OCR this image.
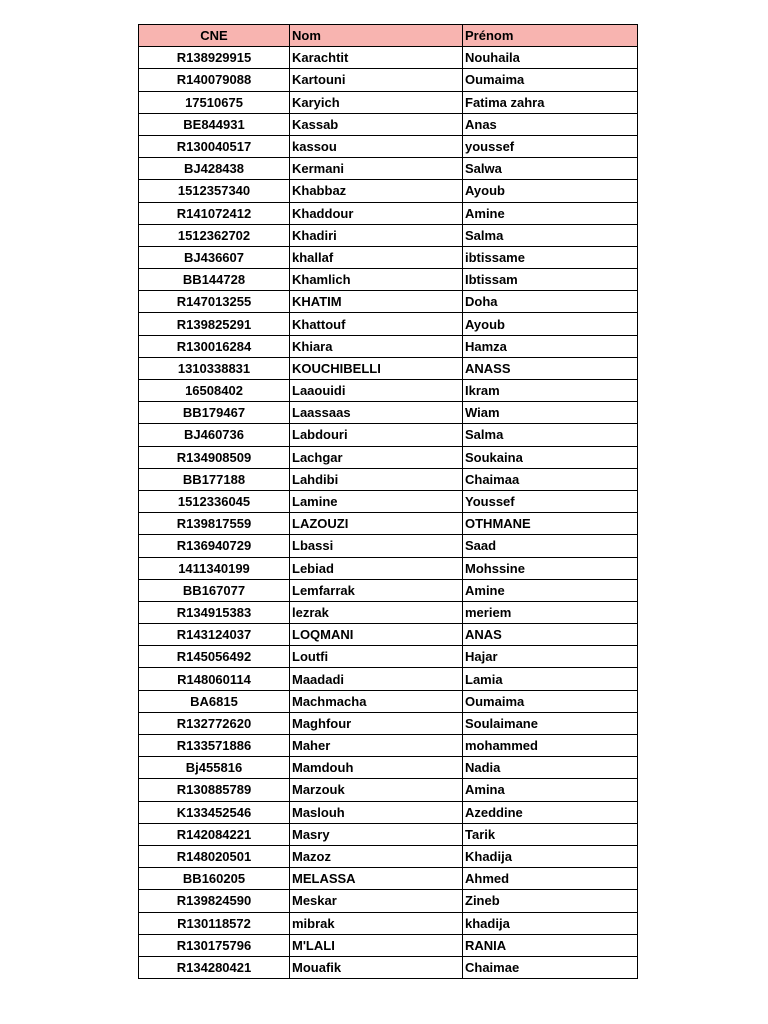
CNE	Nom	Prénom
R138929915	Karachtit	Nouhaila
R140079088	Kartouni	Oumaima
17510675	Karyich	Fatima zahra
BE844931	Kassab	Anas
R130040517	kassou	youssef
BJ428438	Kermani	Salwa
1512357340	Khabbaz	Ayoub
R141072412	Khaddour	Amine
1512362702	Khadiri	Salma
BJ436607	khallaf	ibtissame
BB144728	Khamlich	Ibtissam
R147013255	KHATIM	Doha
R139825291	Khattouf	Ayoub
R130016284	Khiara	Hamza
1310338831	KOUCHIBELLI	ANASS
16508402	Laaouidi	Ikram
BB179467	Laassaas	Wiam
BJ460736	Labdouri	Salma
R134908509	Lachgar	Soukaina
BB177188	Lahdibi	Chaimaa
1512336045	Lamine	Youssef
R139817559	LAZOUZI	OTHMANE
R136940729	Lbassi	Saad
1411340199	Lebiad	Mohssine
BB167077	Lemfarrak	Amine
R134915383	lezrak	meriem
R143124037	LOQMANI	ANAS
R145056492	Loutfi	Hajar
R148060114	Maadadi	Lamia
BA6815	Machmacha	Oumaima
R132772620	Maghfour	Soulaimane
R133571886	Maher	mohammed
Bj455816	Mamdouh	Nadia
R130885789	Marzouk	Amina
K133452546	Maslouh	Azeddine
R142084221	Masry	Tarik
R148020501	Mazoz	Khadija
BB160205	MELASSA	Ahmed
R139824590	Meskar	Zineb
R130118572	mibrak	khadija
R130175796	M'LALI	RANIA
R134280421	Mouafik	Chaimae
